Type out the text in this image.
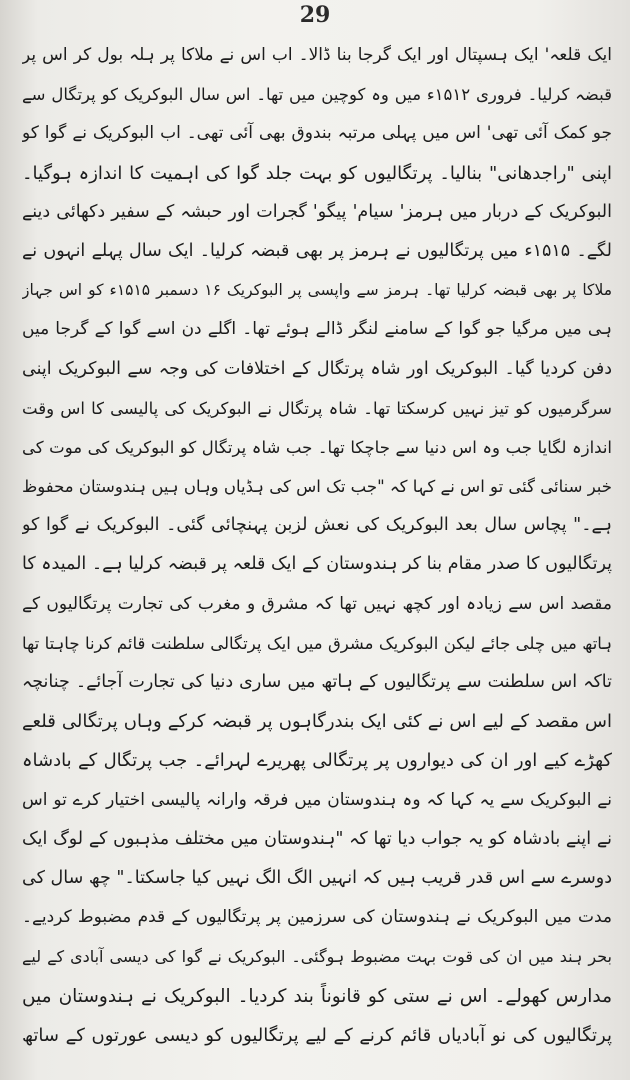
29
ایک قلعہ' ایک ہسپتال اور ایک گرجا بنا ڈالا۔ اب اس نے ملاکا پر ہلہ بول کر اس پر
قبضہ کرلیا۔ فروری ۱۵۱۲ء میں وہ کوچین میں تھا۔ اس سال البوکریک کو پرتگال سے
جو کمک آئی تھی' اس میں پہلی مرتبہ بندوق بھی آئی تھی۔ اب البوکریک نے گوا کو
اپنی "راجدھانی" بنالیا۔ پرتگالیوں کو بہت جلد گوا کی اہمیت کا اندازہ ہوگیا۔
البوکریک کے دربار میں ہرمز' سیام' پیگو' گجرات اور حبشہ کے سفیر دکھائی دینے
لگے۔ ۱۵۱۵ء میں پرتگالیوں نے ہرمز پر بھی قبضہ کرلیا۔ ایک سال پہلے انہوں نے
ملاکا پر بھی قبضہ کرلیا تھا۔ ہرمز سے واپسی پر البوکریک ۱۶ دسمبر ۱۵۱۵ء کو اس جہاز
ہی میں مرگیا جو گوا کے سامنے لنگر ڈالے ہوئے تھا۔ اگلے دن اسے گوا کے گرجا میں
دفن کردیا گیا۔ البوکریک اور شاہ پرتگال کے اختلافات کی وجہ سے البوکریک اپنی
سرگرمیوں کو تیز نہیں کرسکتا تھا۔ شاہ پرتگال نے البوکریک کی پالیسی کا اس وقت
اندازہ لگایا جب وہ اس دنیا سے جاچکا تھا۔ جب شاہ پرتگال کو البوکریک کی موت کی
خبر سنائی گئی تو اس نے کہا کہ "جب تک اس کی ہڈیاں وہاں ہیں ہندوستان محفوظ
ہے۔" پچاس سال بعد البوکریک کی نعش لزبن پہنچائی گئی۔ البوکریک نے گوا کو
پرتگالیوں کا صدر مقام بنا کر ہندوستان کے ایک قلعہ پر قبضہ کرلیا ہے۔ المیدہ کا
مقصد اس سے زیادہ اور کچھ نہیں تھا کہ مشرق و مغرب کی تجارت پرتگالیوں کے
ہاتھ میں چلی جائے لیکن البوکریک مشرق میں ایک پرتگالی سلطنت قائم کرنا چاہتا تھا
تاکہ اس سلطنت سے پرتگالیوں کے ہاتھ میں ساری دنیا کی تجارت آجائے۔ چنانچہ
اس مقصد کے لیے اس نے کئی ایک بندرگاہوں پر قبضہ کرکے وہاں پرتگالی قلعے
کھڑے کیے اور ان کی دیواروں پر پرتگالی پھریرے لہرائے۔ جب پرتگال کے بادشاہ
نے البوکریک سے یہ کہا کہ وہ ہندوستان میں فرقہ وارانہ پالیسی اختیار کرے تو اس
نے اپنے بادشاہ کو یہ جواب دیا تھا کہ "ہندوستان میں مختلف مذہبوں کے لوگ ایک
دوسرے سے اس قدر قریب ہیں کہ انہیں الگ الگ نہیں کیا جاسکتا۔" چھ سال کی
مدت میں البوکریک نے ہندوستان کی سرزمین پر پرتگالیوں کے قدم مضبوط کردیے۔
بحر ہند میں ان کی قوت بہت مضبوط ہوگئی۔ البوکریک نے گوا کی دیسی آبادی کے لیے
مدارس کھولے۔ اس نے ستی کو قانوناً بند کردیا۔ البوکریک نے ہندوستان میں
پرتگالیوں کی نو آبادیاں قائم کرنے کے لیے پرتگالیوں کو دیسی عورتوں کے ساتھ
